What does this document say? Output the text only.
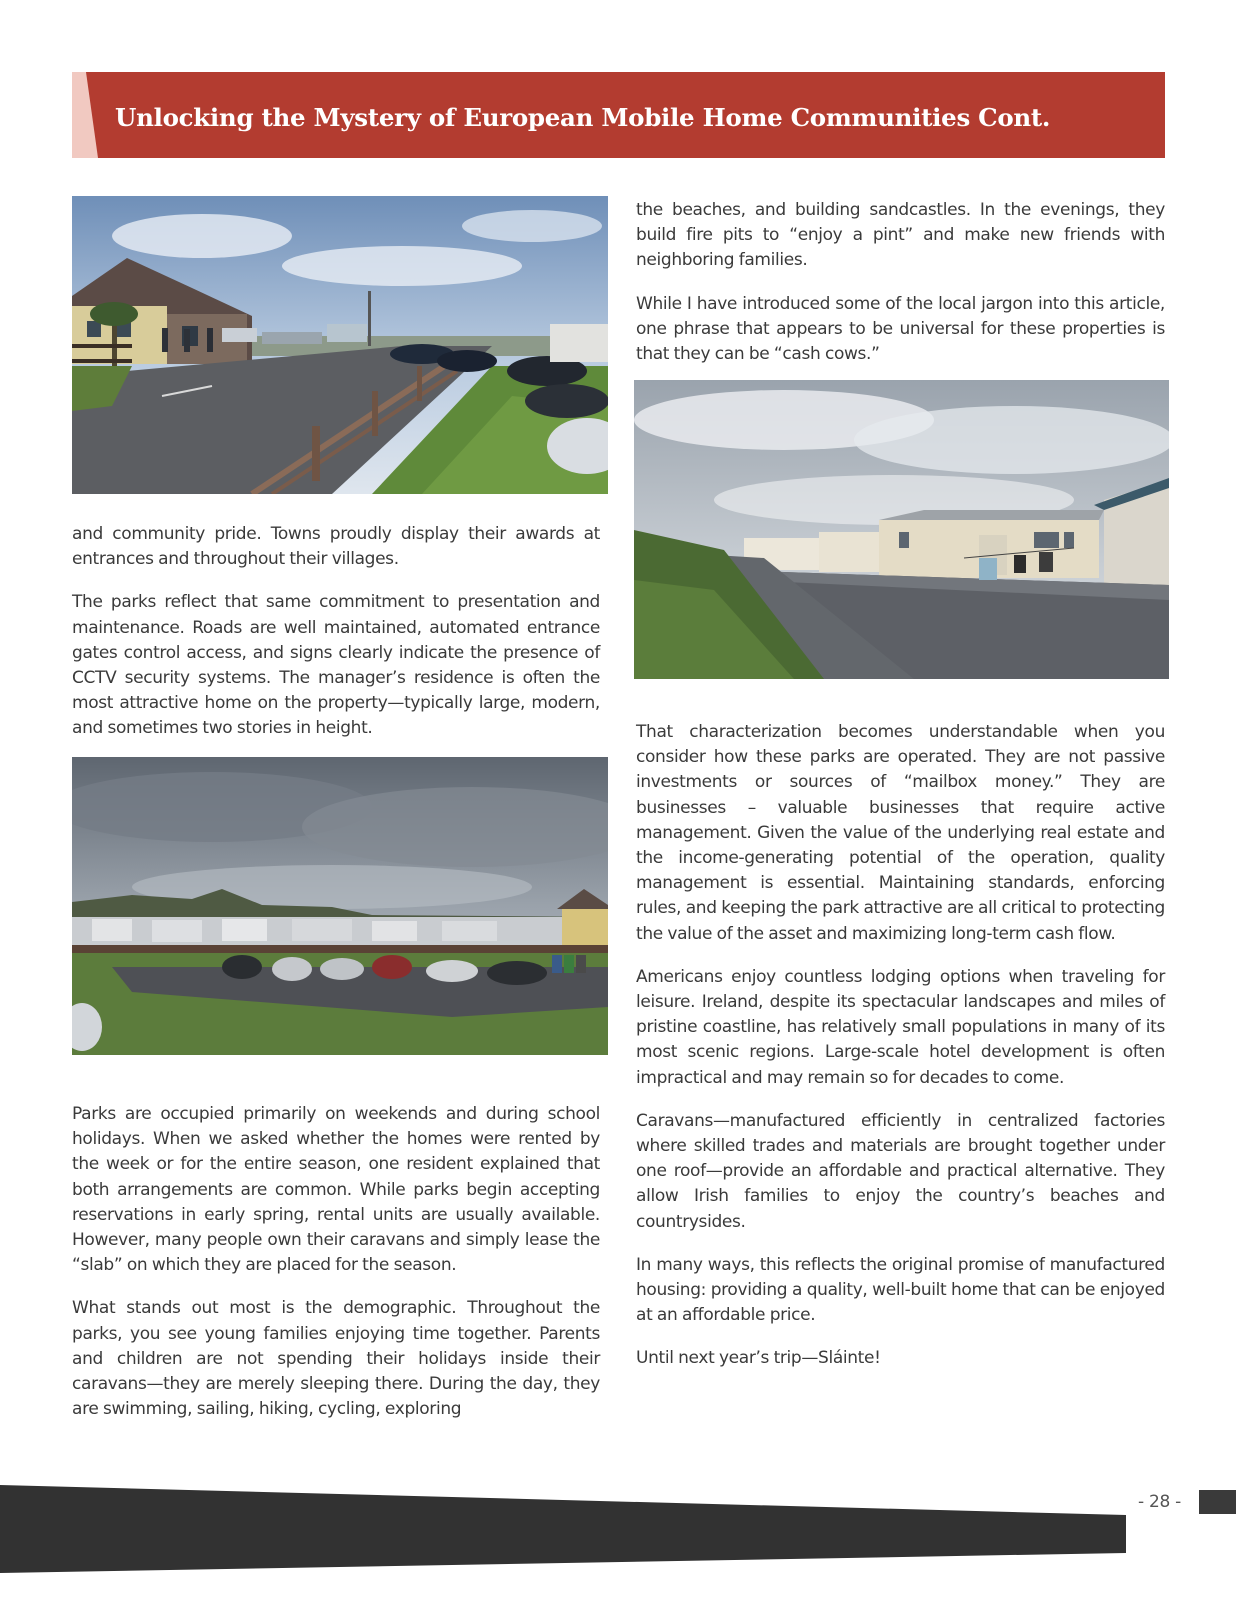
Unlocking the Mystery of European Mobile Home Communities Cont.

and community pride. Towns proudly display their awards at entrances and throughout their villages.

The parks reflect that same commitment to presentation and maintenance. Roads are well maintained, automated entrance gates control access, and signs clearly indicate the presence of CCTV security systems. The manager’s residence is often the most attractive home on the property—typically large, modern, and sometimes two stories in height.

Parks are occupied primarily on weekends and during school holidays. When we asked whether the homes were rented by the week or for the entire season, one resident explained that both arrangements are common. While parks begin accepting reservations in early spring, rental units are usually available. However, many people own their caravans and simply lease the “slab” on which they are placed for the season.

What stands out most is the demographic. Throughout the parks, you see young families enjoying time together. Parents and children are not spending their holidays inside their caravans—they are merely sleeping there. During the day, they are swimming, sailing, hiking, cycling, exploring

the beaches, and building sandcastles. In the evenings, they build fire pits to “enjoy a pint” and make new friends with neighboring families.

While I have introduced some of the local jargon into this article, one phrase that appears to be universal for these properties is that they can be “cash cows.”

That characterization becomes understandable when you consider how these parks are operated. They are not passive investments or sources of “mailbox money.” They are businesses – valuable businesses that require active management. Given the value of the underlying real estate and the income-generating potential of the operation, quality management is essential. Maintaining standards, enforcing rules, and keeping the park attractive are all critical to protecting the value of the asset and maximizing long-term cash flow.

Americans enjoy countless lodging options when traveling for leisure. Ireland, despite its spectacular landscapes and miles of pristine coastline, has relatively small populations in many of its most scenic regions. Large-scale hotel development is often impractical and may remain so for decades to come.

Caravans—manufactured efficiently in centralized factories where skilled trades and materials are brought together under one roof—provide an affordable and practical alternative. They allow Irish families to enjoy the country’s beaches and countrysides.

In many ways, this reflects the original promise of manufactured housing: providing a quality, well-built home that can be enjoyed at an affordable price.

Until next year’s trip—Sláinte!

- 28 -
